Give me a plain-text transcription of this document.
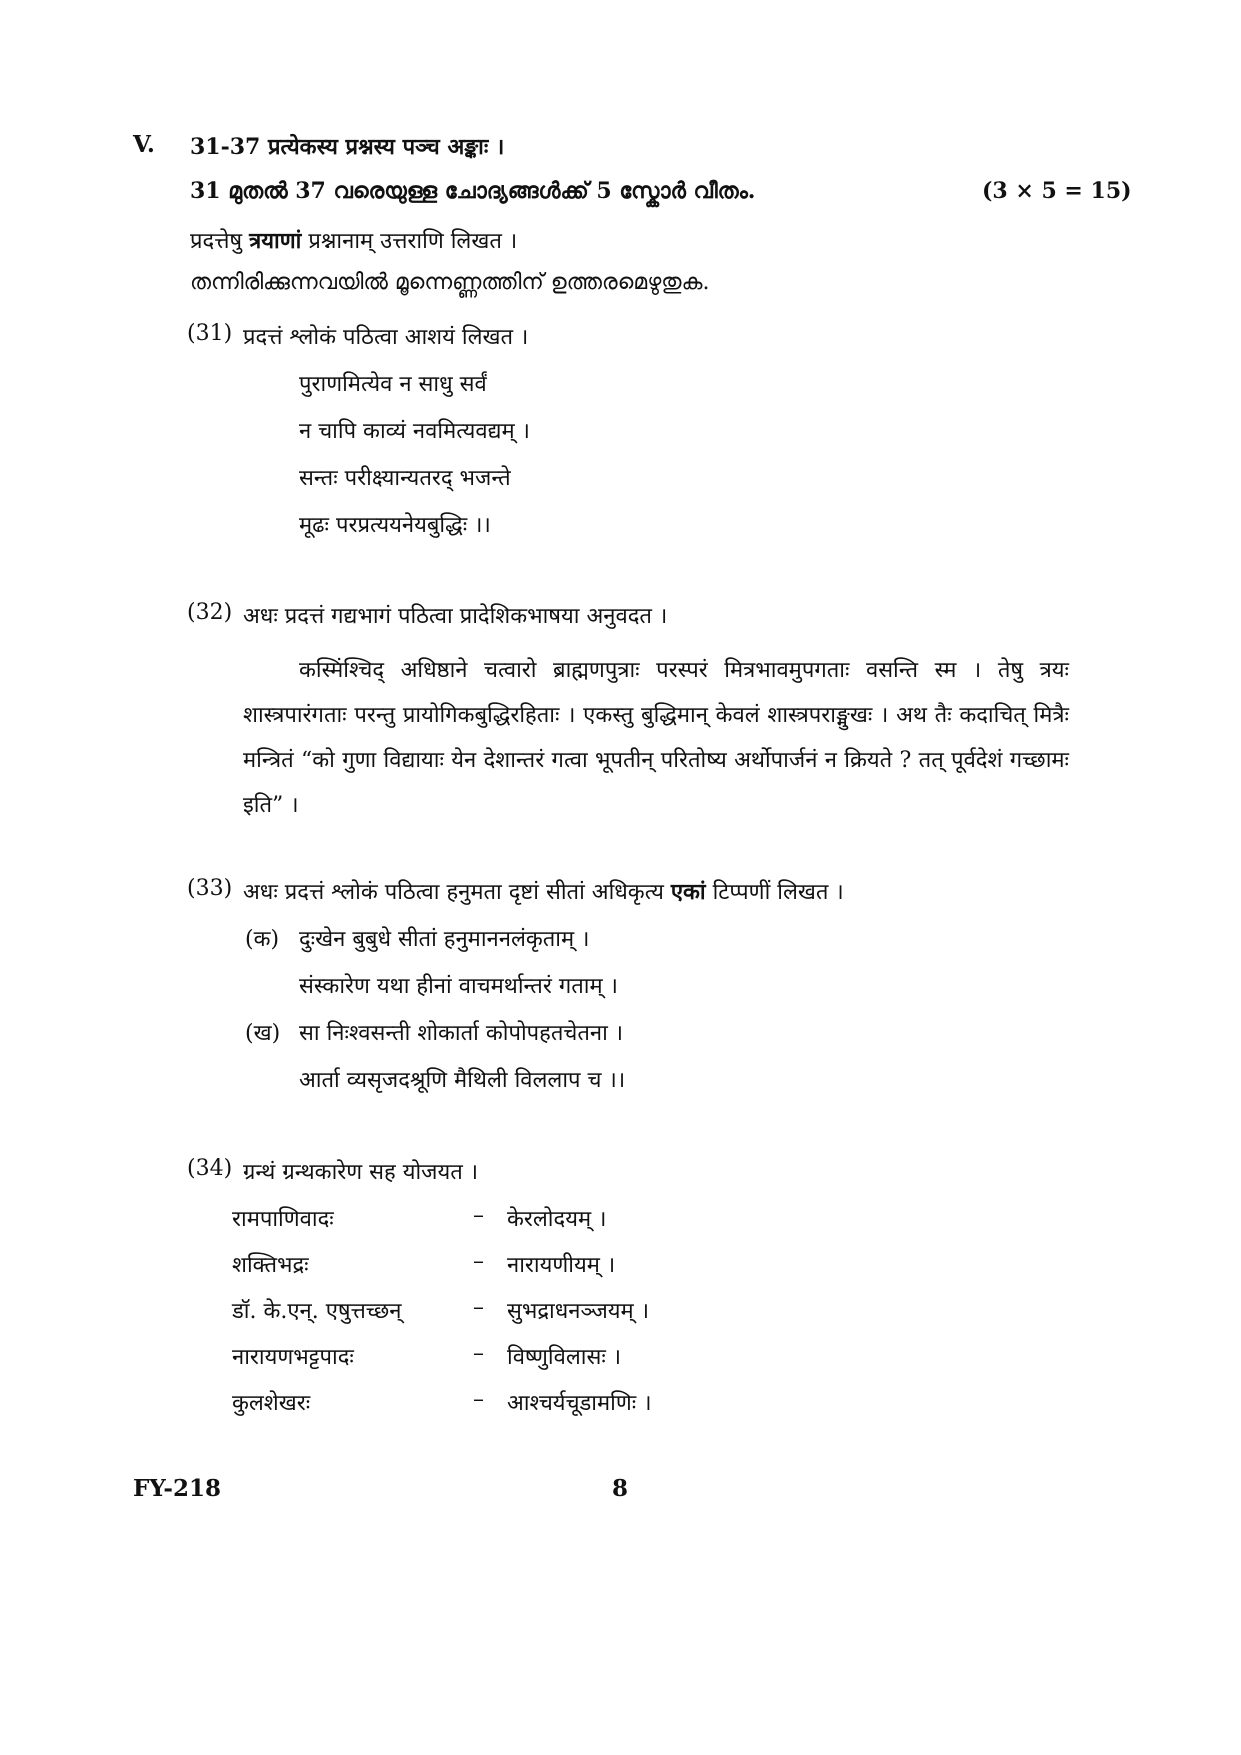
V. 31-37 प्रत्येकस्य प्रश्नस्य पञ्च अङ्काः ।
31 മുതൽ 37 വരെയുള്ള ചോദ്യങ്ങൾക്ക് 5 സ്കോർ വീതം.	(3 × 5 = 15)
प्रदत्तेषु त्रयाणां प्रश्नानाम् उत्तराणि लिखत ।
തന്നിരിക്കുന്നവയിൽ മൂന്നെണ്ണത്തിന് ഉത്തരമെഴുതുക.
(31) प्रदत्तं श्लोकं पठित्वा आशयं लिखत ।
पुराणमित्येव न साधु सर्वं
न चापि काव्यं नवमित्यवद्यम् ।
सन्तः परीक्ष्यान्यतरद् भजन्ते
मूढः परप्रत्ययनेयबुद्धिः ।।
(32) अधः प्रदत्तं गद्यभागं पठित्वा प्रादेशिकभाषया अनुवदत ।
कस्मिंश्चिद् अधिष्ठाने चत्वारो ब्राह्मणपुत्राः परस्परं मित्रभावमुपगताः वसन्ति स्म । तेषु त्रयः शास्त्रपारंगताः परन्तु प्रायोगिकबुद्धिरहिताः । एकस्तु बुद्धिमान् केवलं शास्त्रपराङ्मुखः । अथ तैः कदाचित् मित्रैः मन्त्रितं “को गुणा विद्यायाः येन देशान्तरं गत्वा भूपतीन् परितोष्य अर्थोपार्जनं न क्रियते ? तत् पूर्वदेशं गच्छामः इति” ।
(33) अधः प्रदत्तं श्लोकं पठित्वा हनुमता दृष्टां सीतां अधिकृत्य एकां टिप्पणीं लिखत ।
(क) दुःखेन बुबुधे सीतां हनुमाननलंकृताम् ।
संस्कारेण यथा हीनां वाचमर्थान्तरं गताम् ।
(ख) सा निःश्वसन्ती शोकार्ता कोपोपहतचेतना ।
आर्ता व्यसृजदश्रूणि मैथिली विललाप च ।।
(34) ग्रन्थं ग्रन्थकारेण सह योजयत ।
रामपाणिवादः	– केरलोदयम् ।
शक्तिभद्रः	– नारायणीयम् ।
डॉ. के.एन्. एषुत्तच्छन्	– सुभद्राधनञ्जयम् ।
नारायणभट्टपादः	– विष्णुविलासः ।
कुलशेखरः	– आश्चर्यचूडामणिः ।
FY-218	8
